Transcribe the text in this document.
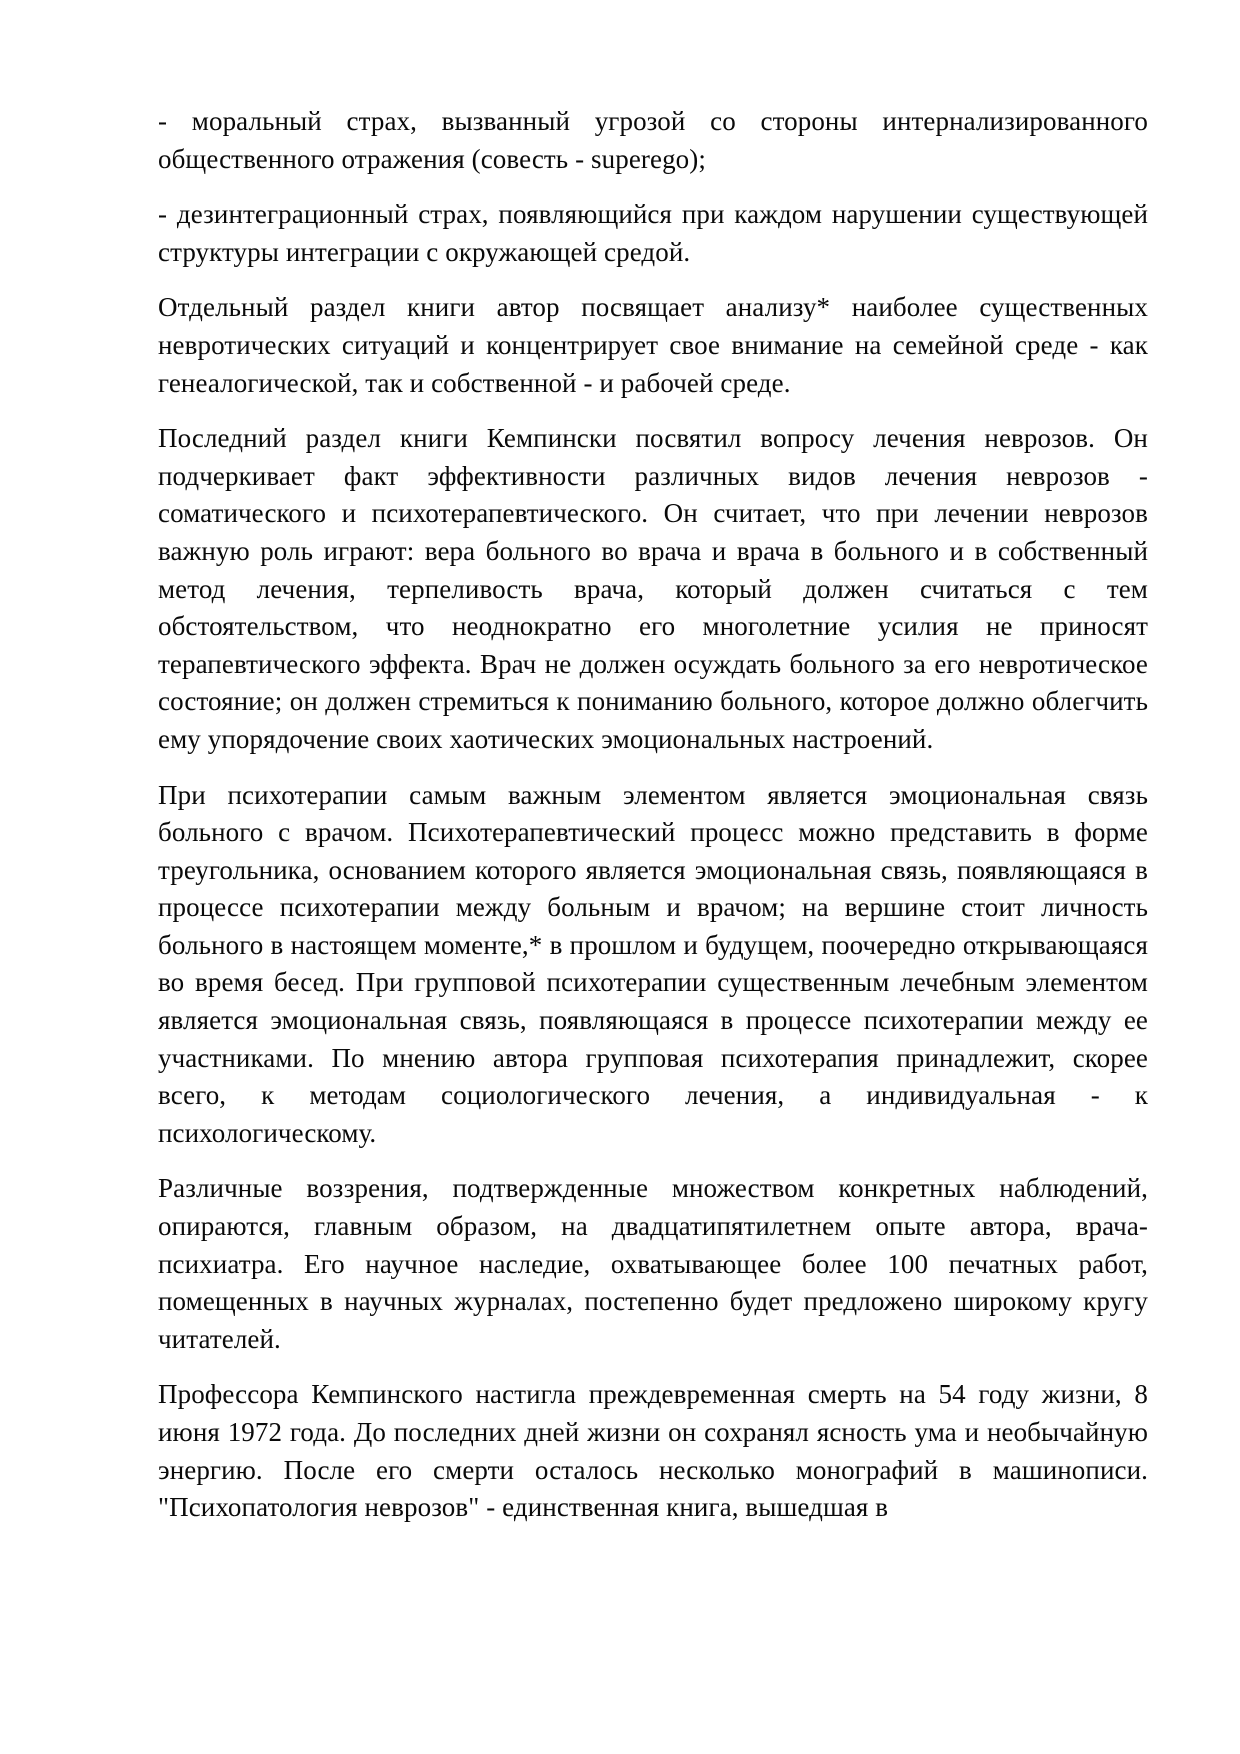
- моральный страх, вызванный угрозой со стороны интернализированного общественного отражения (совесть - superego);

- дезинтеграционный страх, появляющийся при каждом нарушении существующей структуры интеграции с окружающей средой.

Отдельный раздел книги автор посвящает анализу* наиболее существенных невротических ситуаций и концентрирует свое внимание на семейной среде - как генеалогической, так и собственной - и рабочей среде.

Последний раздел книги Кемпински посвятил вопросу лечения неврозов. Он подчеркивает факт эффективности различных видов лечения неврозов - соматического и психотерапевтического. Он считает, что при лечении неврозов важную роль играют: вера больного во врача и врача в больного и в собственный метод лечения, терпеливость врача, который должен считаться с тем обстоятельством, что неоднократно его многолетние усилия не приносят терапевтического эффекта. Врач не должен осуждать больного за его невротическое состояние; он должен стремиться к пониманию больного, которое должно облегчить ему упорядочение своих хаотических эмоциональных настроений.

При психотерапии самым важным элементом является эмоциональная связь больного с врачом. Психотерапевтический процесс можно представить в форме треугольника, основанием которого является эмоциональная связь, появляющаяся в процессе психотерапии между больным и врачом; на вершине стоит личность больного в настоящем моменте,* в прошлом и будущем, поочередно открывающаяся во время бесед. При групповой психотерапии существенным лечебным элементом является эмоциональная связь, появляющаяся в процессе психотерапии между ее участниками. По мнению автора групповая психотерапия принадлежит, скорее всего, к методам социологического лечения, а индивидуальная - к психологическому.

Различные воззрения, подтвержденные множеством конкретных наблюдений, опираются, главным образом, на двадцатипятилетнем опыте автора, врача-психиатра. Его научное наследие, охватывающее более 100 печатных работ, помещенных в научных журналах, постепенно будет предложено широкому кругу читателей.

Профессора Кемпинского настигла преждевременная смерть на 54 году жизни, 8 июня 1972 года. До последних дней жизни он сохранял ясность ума и необычайную энергию. После его смерти осталось несколько монографий в машинописи. "Психопатология неврозов" - единственная книга, вышедшая в
